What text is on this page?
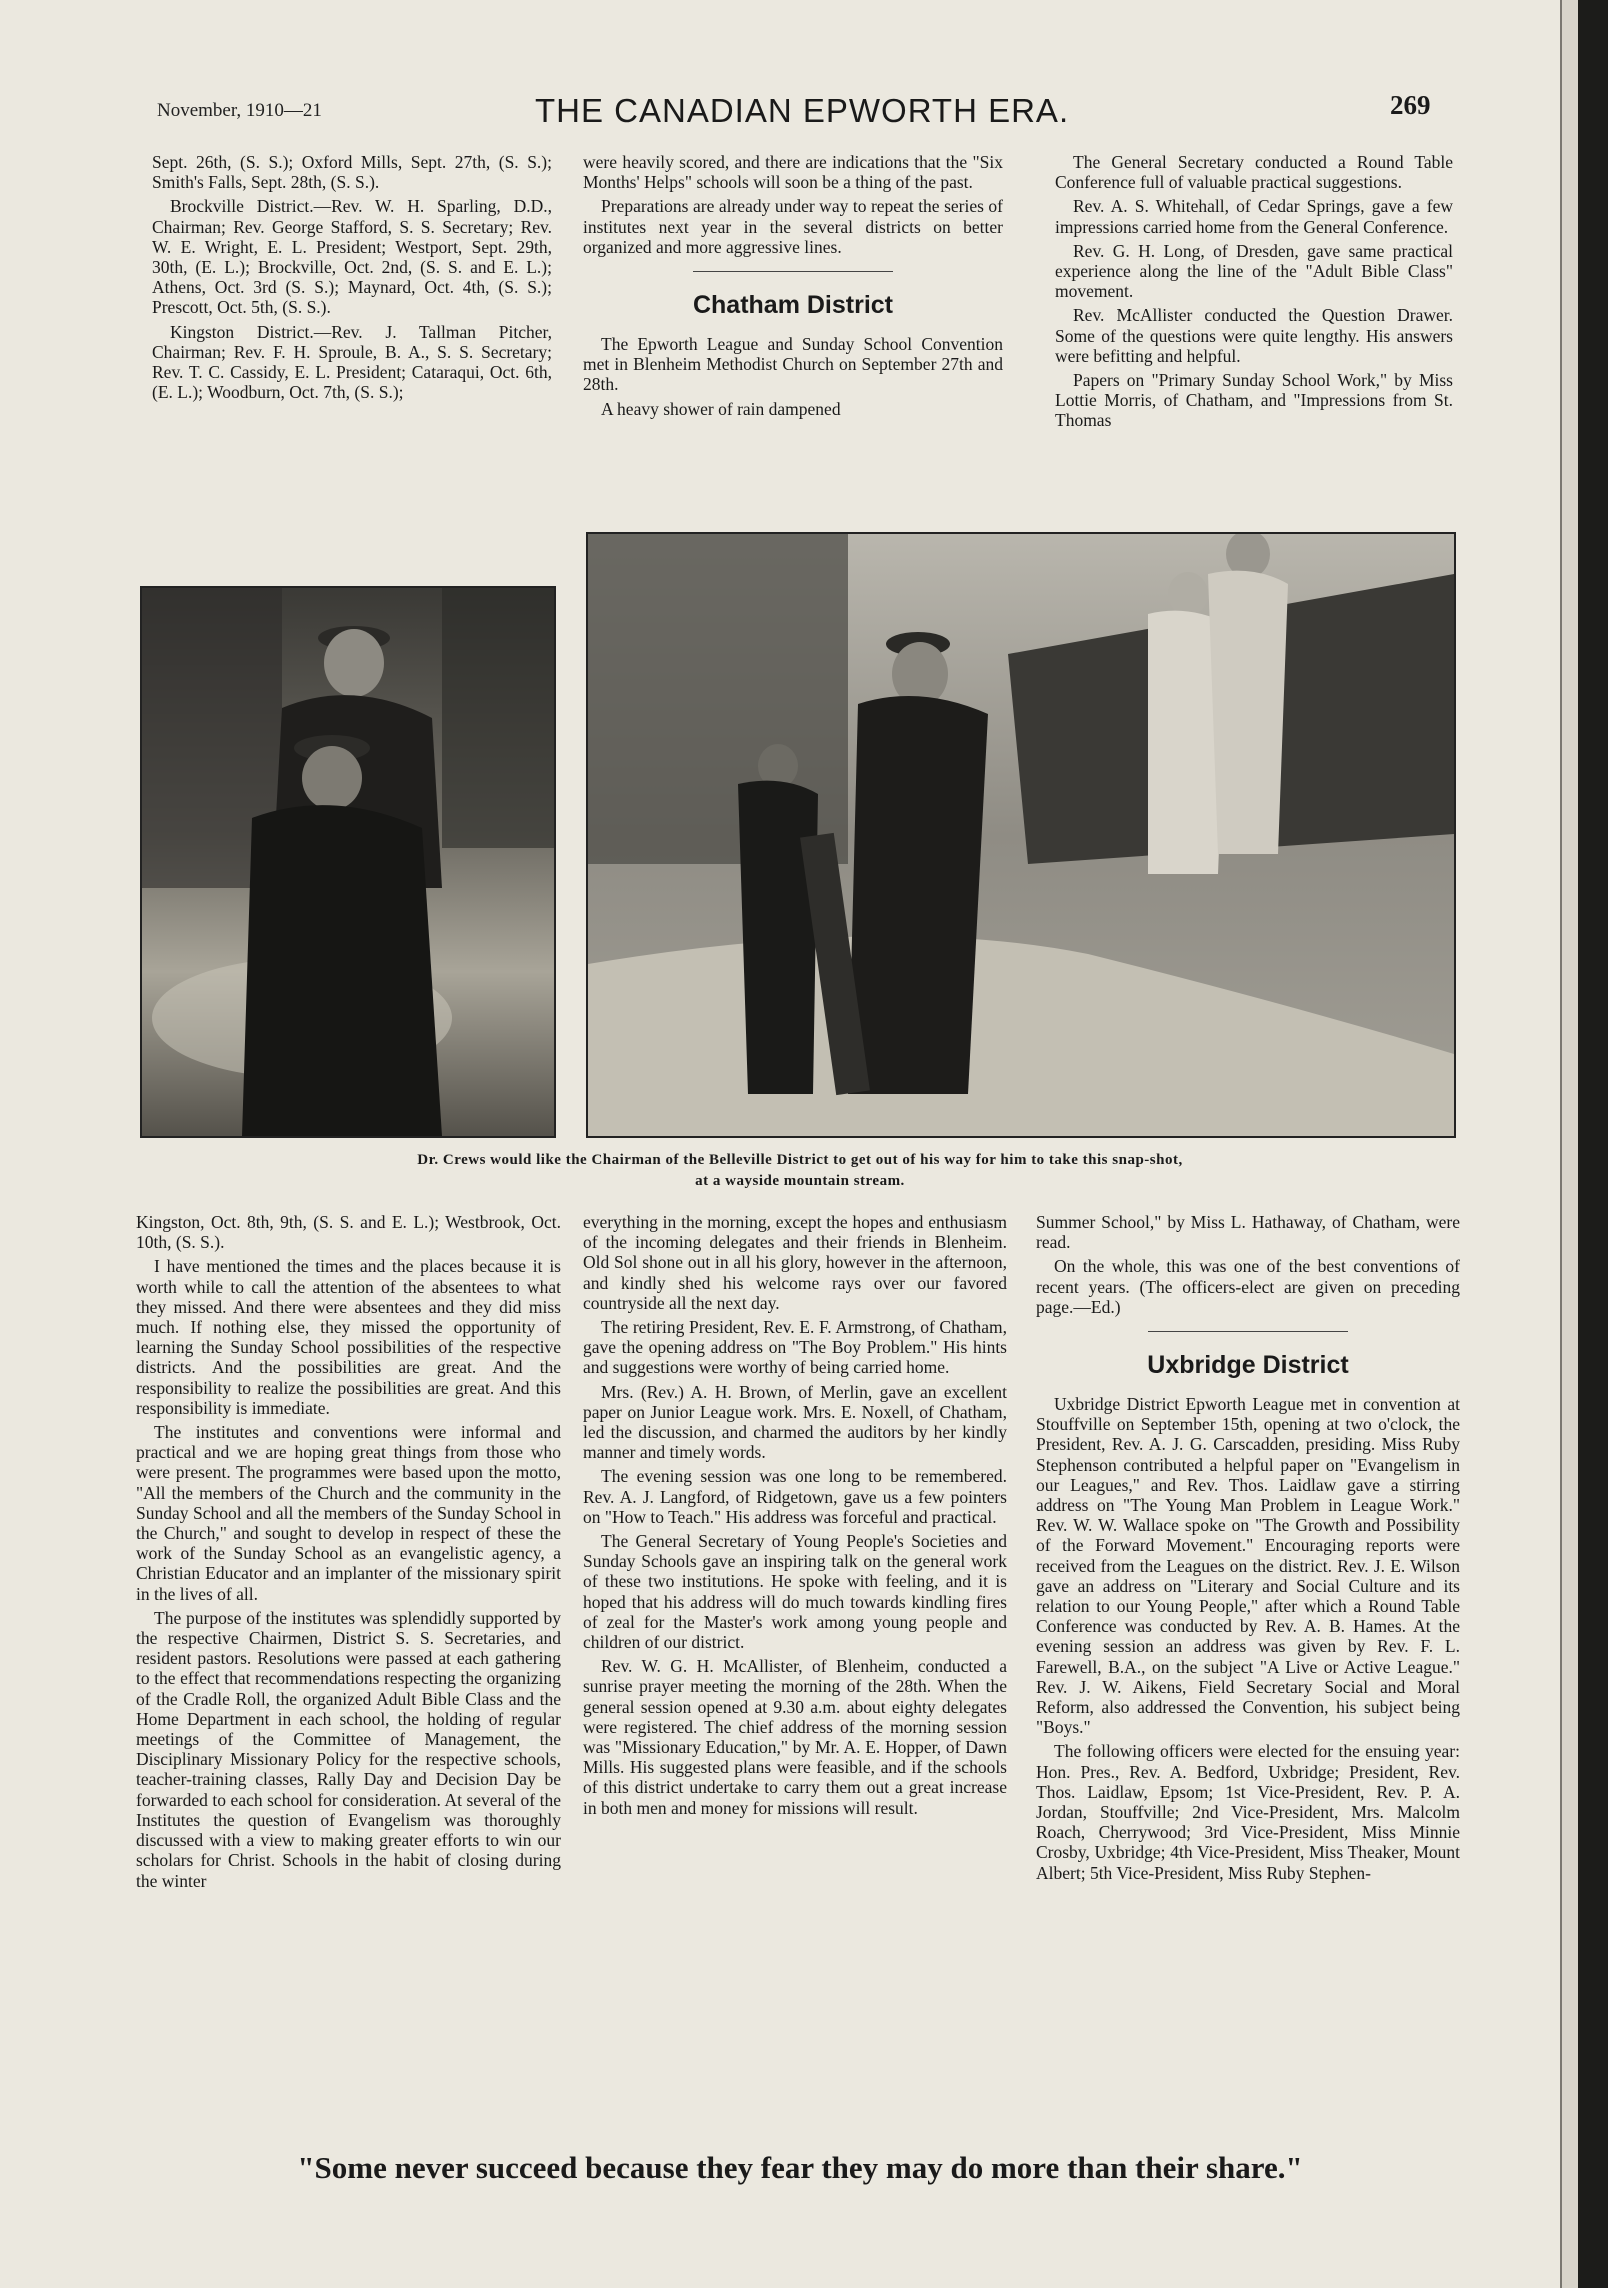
November, 1910—21	THE CANADIAN EPWORTH ERA.	269

Sept. 26th, (S. S.); Oxford Mills, Sept. 27th, (S. S.); Smith's Falls, Sept. 28th, (S. S.).

Brockville District.—Rev. W. H. Sparling, D.D., Chairman; Rev. George Stafford, S. S. Secretary; Rev. W. E. Wright, E. L. President; Westport, Sept. 29th, 30th, (E. L.); Brockville, Oct. 2nd, (S. S. and E. L.); Athens, Oct. 3rd (S. S.); Maynard, Oct. 4th, (S. S.); Prescott, Oct. 5th, (S. S.).

Kingston District.—Rev. J. Tallman Pitcher, Chairman; Rev. F. H. Sproule, B. A., S. S. Secretary; Rev. T. C. Cassidy, E. L. President; Cataraqui, Oct. 6th, (E. L.); Woodburn, Oct. 7th, (S. S.);

were heavily scored, and there are indications that the "Six Months' Helps" schools will soon be a thing of the past.

Preparations are already under way to repeat the series of institutes next year in the several districts on better organized and more aggressive lines.

Chatham District

The Epworth League and Sunday School Convention met in Blenheim Methodist Church on September 27th and 28th.

A heavy shower of rain dampened

The General Secretary conducted a Round Table Conference full of valuable practical suggestions.

Rev. A. S. Whitehall, of Cedar Springs, gave a few impressions carried home from the General Conference.

Rev. G. H. Long, of Dresden, gave same practical experience along the line of the "Adult Bible Class" movement.

Rev. McAllister conducted the Question Drawer. Some of the questions were quite lengthy. His answers were befitting and helpful.

Papers on "Primary Sunday School Work," by Miss Lottie Morris, of Chatham, and "Impressions from St. Thomas

Dr. Crews would like the Chairman of the Belleville District to get out of his way for him to take this snap-shot,
at a wayside mountain stream.

Kingston, Oct. 8th, 9th, (S. S. and E. L.); Westbrook, Oct. 10th, (S. S.).

I have mentioned the times and the places because it is worth while to call the attention of the absentees to what they missed. And there were absentees and they did miss much. If nothing else, they missed the opportunity of learning the Sunday School possibilities of the respective districts. And the possibilities are great. And the responsibility to realize the possibilities are great. And this responsibility is immediate.

The institutes and conventions were informal and practical and we are hoping great things from those who were present. The programmes were based upon the motto, "All the members of the Church and the community in the Sunday School and all the members of the Sunday School in the Church," and sought to develop in respect of these the work of the Sunday School as an evangelistic agency, a Christian Educator and an implanter of the missionary spirit in the lives of all.

The purpose of the institutes was splendidly supported by the respective Chairmen, District S. S. Secretaries, and resident pastors. Resolutions were passed at each gathering to the effect that recommendations respecting the organizing of the Cradle Roll, the organized Adult Bible Class and the Home Department in each school, the holding of regular meetings of the Committee of Management, the Disciplinary Missionary Policy for the respective schools, teacher-training classes, Rally Day and Decision Day be forwarded to each school for consideration. At several of the Institutes the question of Evangelism was thoroughly discussed with a view to making greater efforts to win our scholars for Christ. Schools in the habit of closing during the winter

everything in the morning, except the hopes and enthusiasm of the incoming delegates and their friends in Blenheim. Old Sol shone out in all his glory, however in the afternoon, and kindly shed his welcome rays over our favored countryside all the next day.

The retiring President, Rev. E. F. Armstrong, of Chatham, gave the opening address on "The Boy Problem." His hints and suggestions were worthy of being carried home.

Mrs. (Rev.) A. H. Brown, of Merlin, gave an excellent paper on Junior League work. Mrs. E. Noxell, of Chatham, led the discussion, and charmed the auditors by her kindly manner and timely words.

The evening session was one long to be remembered. Rev. A. J. Langford, of Ridgetown, gave us a few pointers on "How to Teach." His address was forceful and practical.

The General Secretary of Young People's Societies and Sunday Schools gave an inspiring talk on the general work of these two institutions. He spoke with feeling, and it is hoped that his address will do much towards kindling fires of zeal for the Master's work among young people and children of our district.

Rev. W. G. H. McAllister, of Blenheim, conducted a sunrise prayer meeting the morning of the 28th. When the general session opened at 9.30 a.m. about eighty delegates were registered. The chief address of the morning session was "Missionary Education," by Mr. A. E. Hopper, of Dawn Mills. His suggested plans were feasible, and if the schools of this district undertake to carry them out a great increase in both men and money for missions will result.

Summer School," by Miss L. Hathaway, of Chatham, were read.

On the whole, this was one of the best conventions of recent years. (The officers-elect are given on preceding page.—Ed.)

Uxbridge District

Uxbridge District Epworth League met in convention at Stouffville on September 15th, opening at two o'clock, the President, Rev. A. J. G. Carscadden, presiding. Miss Ruby Stephenson contributed a helpful paper on "Evangelism in our Leagues," and Rev. Thos. Laidlaw gave a stirring address on "The Young Man Problem in League Work." Rev. W. W. Wallace spoke on "The Growth and Possibility of the Forward Movement." Encouraging reports were received from the Leagues on the district. Rev. J. E. Wilson gave an address on "Literary and Social Culture and its relation to our Young People," after which a Round Table Conference was conducted by Rev. A. B. Hames. At the evening session an address was given by Rev. F. L. Farewell, B.A., on the subject "A Live or Active League." Rev. J. W. Aikens, Field Secretary Social and Moral Reform, also addressed the Convention, his subject being "Boys."

The following officers were elected for the ensuing year: Hon. Pres., Rev. A. Bedford, Uxbridge; President, Rev. Thos. Laidlaw, Epsom; 1st Vice-President, Rev. P. A. Jordan, Stouffville; 2nd Vice-President, Mrs. Malcolm Roach, Cherrywood; 3rd Vice-President, Miss Minnie Crosby, Uxbridge; 4th Vice-President, Miss Theaker, Mount Albert; 5th Vice-President, Miss Ruby Stephen-

"Some never succeed because they fear they may do more than their share."
